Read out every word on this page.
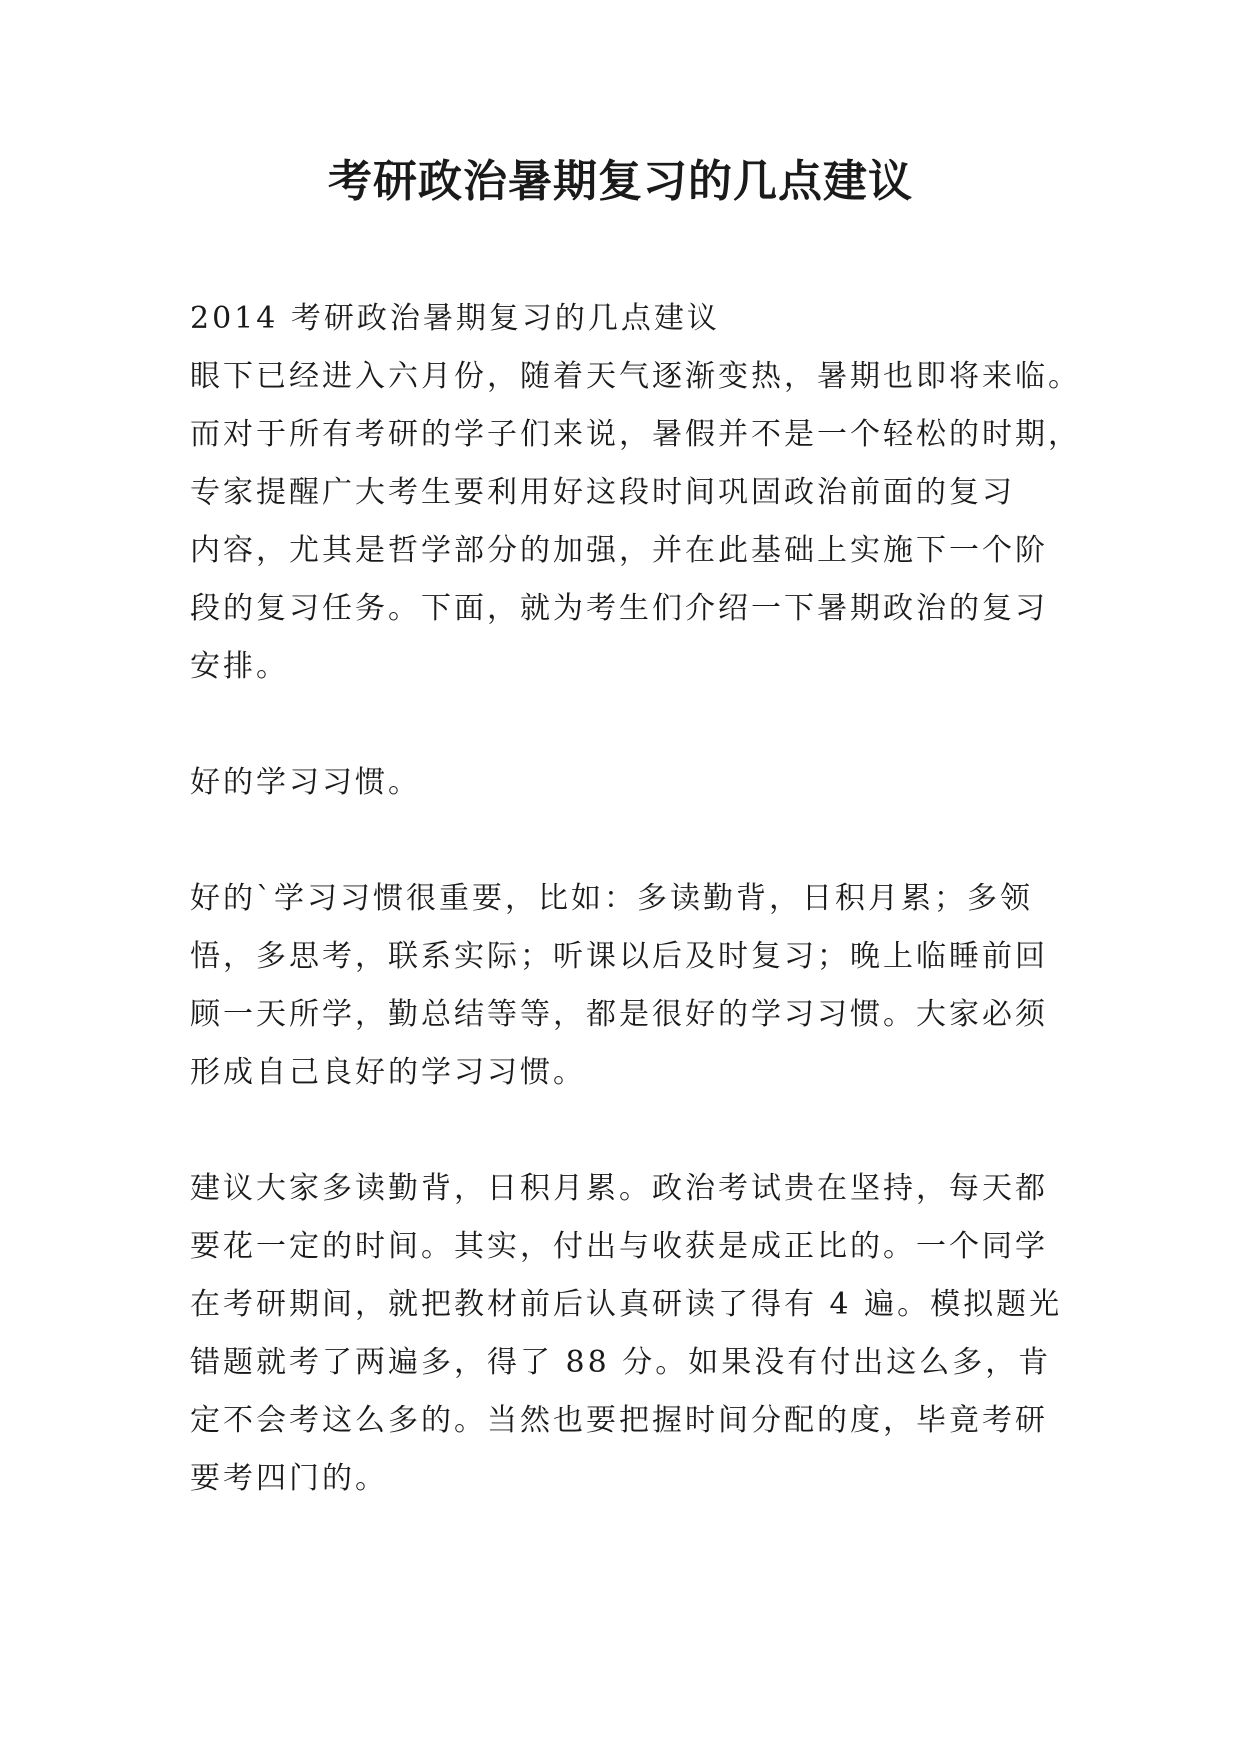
考研政治暑期复习的几点建议

2014 考研政治暑期复习的几点建议

眼下已经进入六月份，随着天气逐渐变热，暑期也即将来临。

而对于所有考研的学子们来说，暑假并不是一个轻松的时期，

专家提醒广大考生要利用好这段时间巩固政治前面的复习

内容，尤其是哲学部分的加强，并在此基础上实施下一个阶

段的复习任务。下面，就为考生们介绍一下暑期政治的复习

安排。

好的学习习惯。

好的`学习习惯很重要，比如：多读勤背，日积月累；多领

悟，多思考，联系实际；听课以后及时复习；晚上临睡前回

顾一天所学，勤总结等等，都是很好的学习习惯。大家必须

形成自己良好的学习习惯。

建议大家多读勤背，日积月累。政治考试贵在坚持，每天都

要花一定的时间。其实，付出与收获是成正比的。一个同学

在考研期间，就把教材前后认真研读了得有 4 遍。模拟题光

错题就考了两遍多，得了 88 分。如果没有付出这么多，肯

定不会考这么多的。当然也要把握时间分配的度，毕竟考研

要考四门的。
